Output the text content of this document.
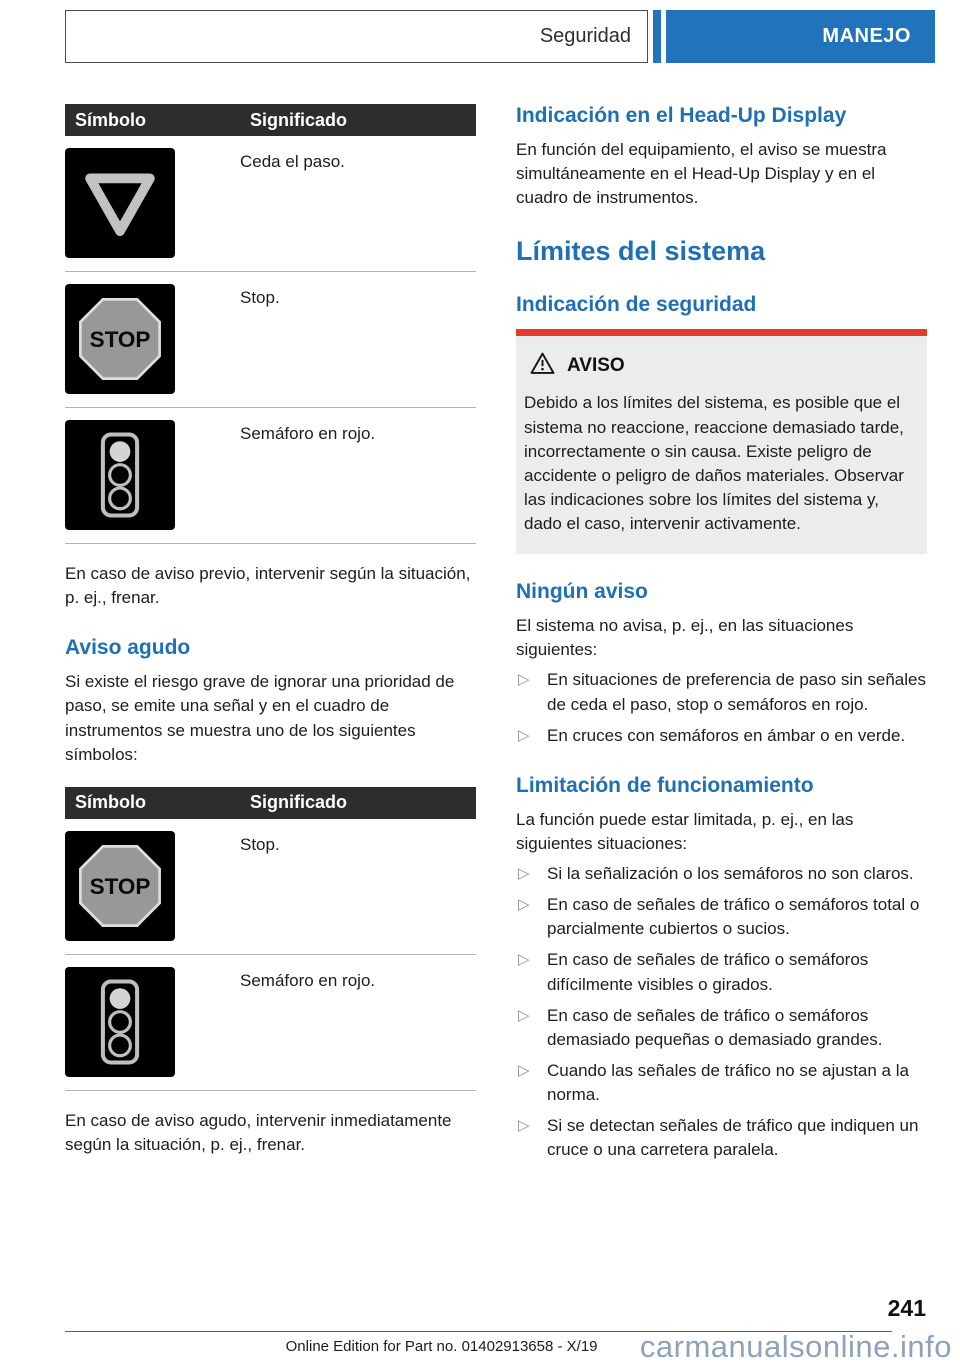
Seguridad	MANEJO
Símbolo	Significado

	Ceda el paso.

STOP	Stop.

	Semáforo en rojo.

En caso de aviso previo, intervenir según la situación, p. ej., frenar.

Aviso agudo

Si existe el riesgo grave de ignorar una prioridad de paso, se emite una señal y en el cuadro de instrumentos se muestra uno de los siguientes símbolos:

Símbolo	Significado

STOP	Stop.

	Semáforo en rojo.

En caso de aviso agudo, intervenir inmediatamente según la situación, p. ej., frenar.

Indicación en el Head-Up Display

En función del equipamiento, el aviso se muestra simultáneamente en el Head-Up Display y en el cuadro de instrumentos.

Límites del sistema
Indicación de seguridad
AVISO

Debido a los límites del sistema, es posible que el sistema no reaccione, reaccione demasiado tarde, incorrectamente o sin causa. Existe peligro de accidente o peligro de daños materiales. Observar las indicaciones sobre los límites del sistema y, dado el caso, intervenir activamente.

Ningún aviso

El sistema no avisa, p. ej., en las situaciones siguientes:

▷ En situaciones de preferencia de paso sin señales de ceda el paso, stop o semáforos en rojo.
▷ En cruces con semáforos en ámbar o en verde.
Limitación de funcionamiento

La función puede estar limitada, p. ej., en las siguientes situaciones:

▷ Si la señalización o los semáforos no son claros.
▷ En caso de señales de tráfico o semáforos total o parcialmente cubiertos o sucios.
▷ En caso de señales de tráfico o semáforos difícilmente visibles o girados.
▷ En caso de señales de tráfico o semáforos demasiado pequeñas o demasiado grandes.
▷ Cuando las señales de tráfico no se ajustan a la norma.
▷ Si se detectan señales de tráfico que indiquen un cruce o una carretera paralela.
241
Online Edition for Part no. 01402913658 - X/19	carmanualsonline.info
